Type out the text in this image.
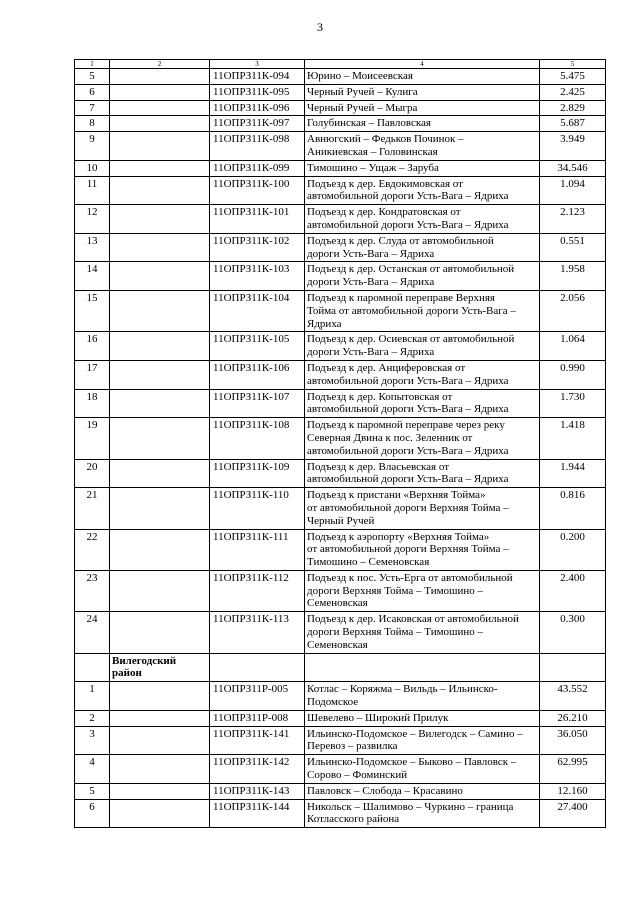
3
1	2	3	4	5
5		11ОПРЗ11К-094	Юрино – Моисеевская	5.475
6		11ОПРЗ11К-095	Черный Ручей – Кулига	2.425
7		11ОПРЗ11К-096	Черный Ручей – Мыгра	2.829
8		11ОПРЗ11К-097	Голубинская – Павловская	5.687
9		11ОПРЗ11К-098	Авнюгский – Федьков Починок –
Аникиевская – Головинская	3.949
10		11ОПРЗ11К-099	Тимошино – Ущаж – Заруба	34.546
11		11ОПРЗ11К-100	Подъезд к дер. Евдокимовская от
автомобильной дороги Усть-Вага – Ядриха	1.094
12		11ОПРЗ11К-101	Подъезд к дер. Кондратовская от
автомобильной дороги Усть-Вага – Ядриха	2.123
13		11ОПРЗ11К-102	Подъезд к дер. Слуда от автомобильной
дороги Усть-Вага – Ядриха	0.551
14		11ОПРЗ11К-103	Подъезд к дер. Останская от автомобильной
дороги Усть-Вага – Ядриха	1.958
15		11ОПРЗ11К-104	Подъезд к паромной переправе Верхняя
Тойма от автомобильной дороги Усть-Вага –
Ядриха	2.056
16		11ОПРЗ11К-105	Подъезд к дер. Осиевская от автомобильной
дороги Усть-Вага – Ядриха	1.064
17		11ОПРЗ11К-106	Подъезд к дер. Анциферовская от
автомобильной дороги Усть-Вага – Ядриха	0.990
18		11ОПРЗ11К-107	Подъезд к дер. Копытовская от
автомобильной дороги Усть-Вага – Ядриха	1.730
19		11ОПРЗ11К-108	Подъезд к паромной переправе через реку
Северная Двина к пос. Зеленник от
автомобильной дороги Усть-Вага – Ядриха	1.418
20		11ОПРЗ11К-109	Подъезд к дер. Власьевская от
автомобильной дороги Усть-Вага – Ядриха	1.944
21		11ОПРЗ11К-110	Подъезд к пристани «Верхняя Тойма»
от автомобильной дороги Верхняя Тойма –
Черный Ручей	0.816
22		11ОПРЗ11К-111	Подъезд к аэропорту «Верхняя Тойма»
от автомобильной дороги Верхняя Тойма –
Тимошино – Семеновская	0.200
23		11ОПРЗ11К-112	Подъезд к пос. Усть-Ерга от автомобильной
дороги Верхняя Тойма – Тимошино –
Семеновская	2.400
24		11ОПРЗ11К-113	Подъезд к дер. Исаковская от автомобильной
дороги Верхняя Тойма – Тимошино –
Семеновская	0.300
	Вилегодский район		

1		11ОПРЗ11Р-005	Котлас – Коряжма – Вильдь – Ильинско-
Подомское	43.552
2		11ОПРЗ11Р-008	Шевелево – Широкий Прилук	26.210
3		11ОПРЗ11К-141	Ильинско-Подомское – Вилегодск – Самино –
Перевоз – развилка	36.050
4		11ОПРЗ11К-142	Ильинско-Подомское – Быково – Павловск –
Сорово – Фоминский	62.995
5		11ОПРЗ11К-143	Павловск – Слобода – Красавино	12.160
6		11ОПРЗ11К-144	Никольск – Шалимово – Чуркино – граница
Котласского района	27.400
